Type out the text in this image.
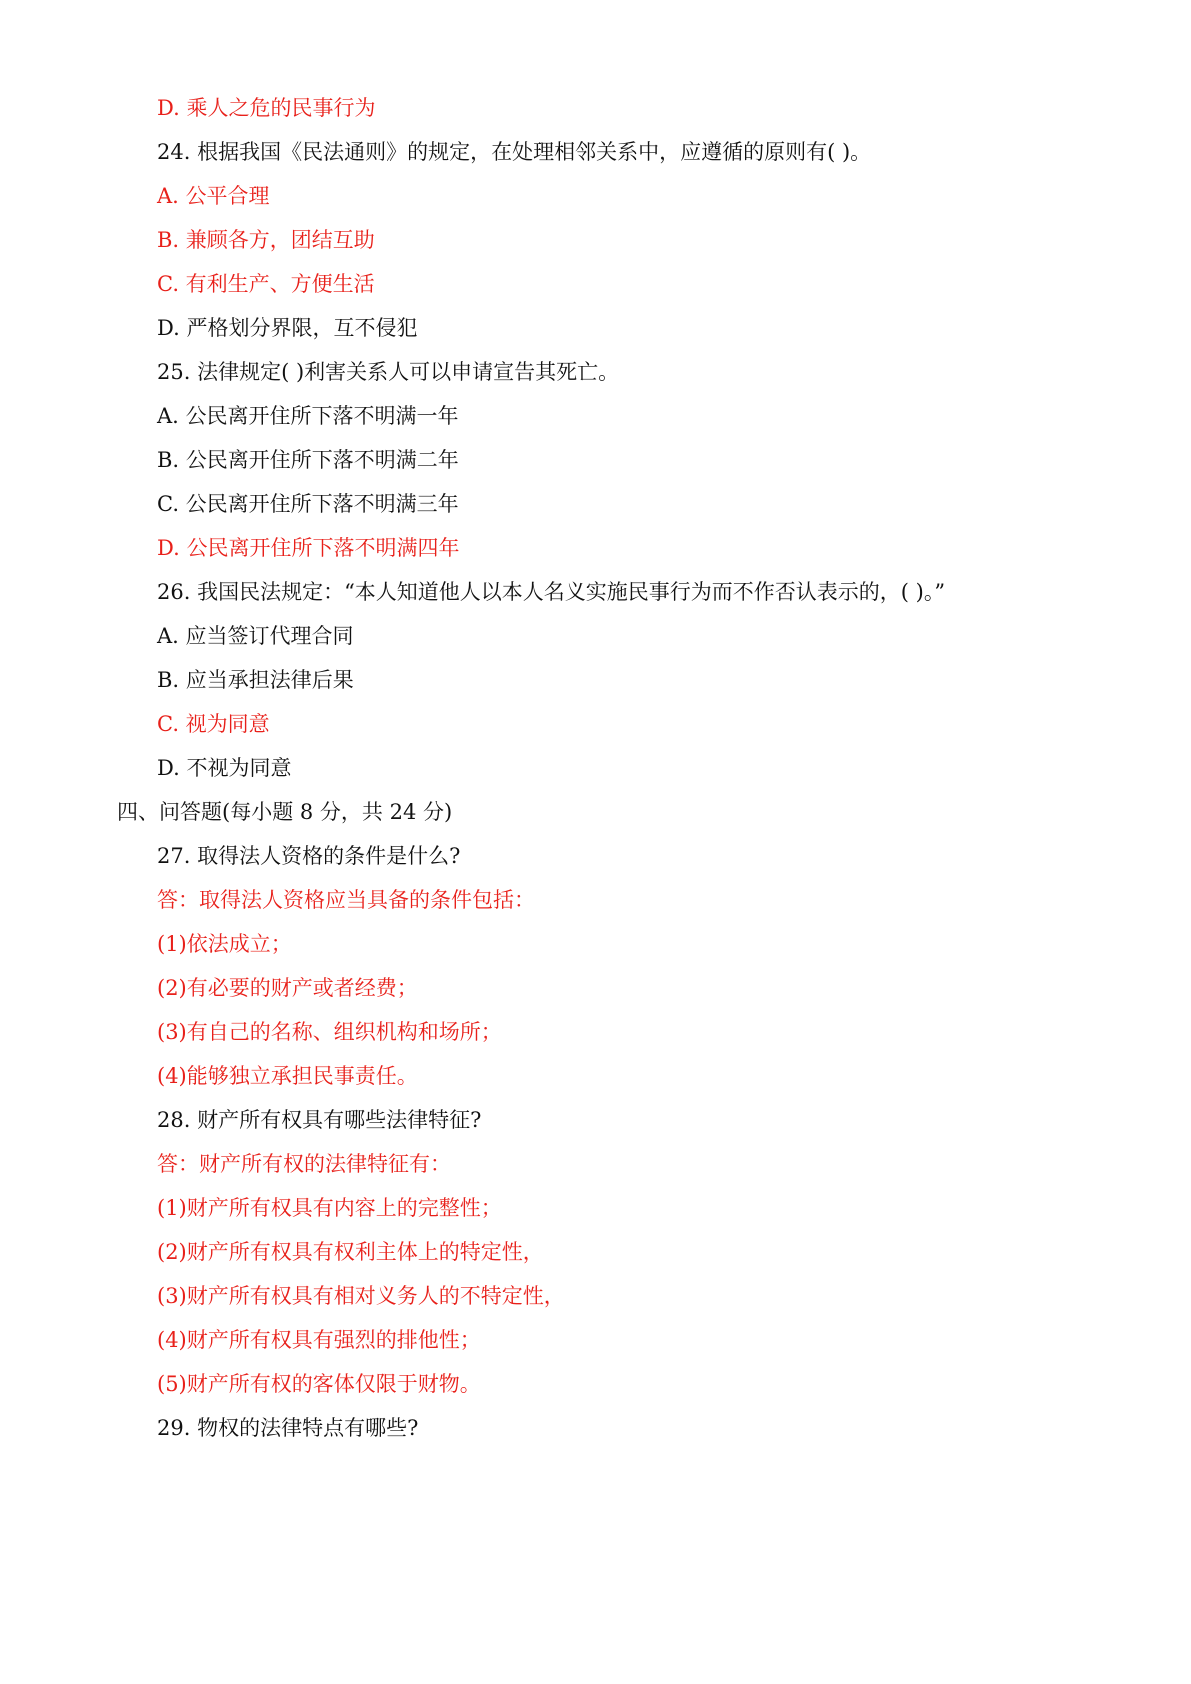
D. 乘人之危的民事行为
24. 根据我国《民法通则》的规定，在处理相邻关系中，应遵循的原则有( )。
A. 公平合理
B. 兼顾各方，团结互助
C. 有利生产、方便生活
D. 严格划分界限，互不侵犯
25. 法律规定( )利害关系人可以申请宣告其死亡。
A. 公民离开住所下落不明满一年
B. 公民离开住所下落不明满二年
C. 公民离开住所下落不明满三年
D. 公民离开住所下落不明满四年
26. 我国民法规定：“本人知道他人以本人名义实施民事行为而不作否认表示的，( )。”
A. 应当签订代理合同
B. 应当承担法律后果
C. 视为同意
D. 不视为同意
四、问答题(每小题 8 分，共 24 分)
27. 取得法人资格的条件是什么?
答：取得法人资格应当具备的条件包括：
(1)依法成立；
(2)有必要的财产或者经费；
(3)有自己的名称、组织机构和场所；
(4)能够独立承担民事责任。
28. 财产所有权具有哪些法律特征?
答：财产所有权的法律特征有：
(1)财产所有权具有内容上的完整性；
(2)财产所有权具有权利主体上的特定性，
(3)财产所有权具有相对义务人的不特定性，
(4)财产所有权具有强烈的排他性；
(5)财产所有权的客体仅限于财物。
29. 物权的法律特点有哪些?
